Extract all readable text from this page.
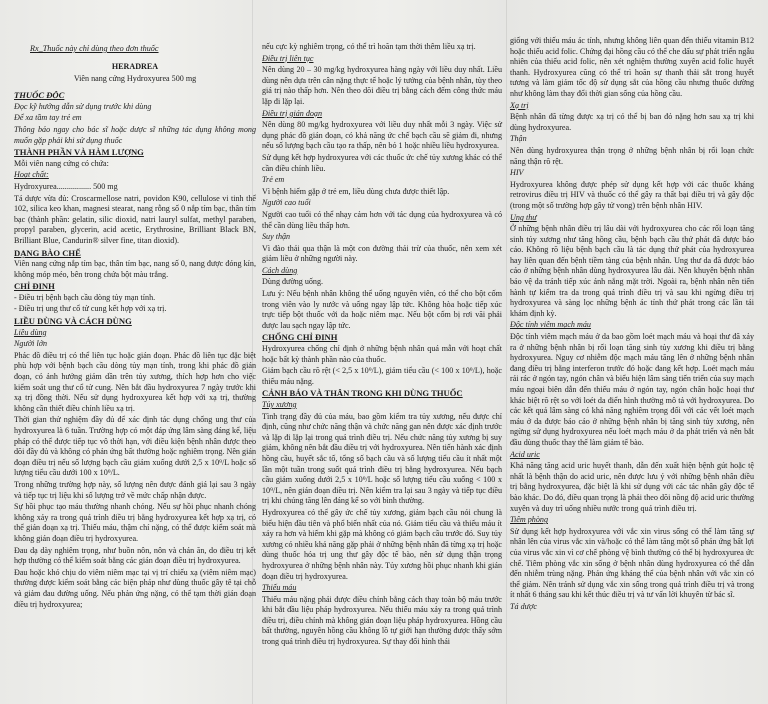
Rx_Thuốc này chỉ dùng theo đơn thuốc

HERADREA

Viên nang cứng Hydroxyurea 500 mg

THUỐC ĐỘC

Đọc kỹ hướng dẫn sử dụng trước khi dùng

Để xa tầm tay trẻ em

Thông báo ngay cho bác sĩ hoặc dược sĩ những tác dụng không mong muốn gặp phải khi sử dụng thuốc

THÀNH PHẦN VÀ HÀM LƯỢNG

Mỗi viên nang cứng có chứa:

Hoạt chất:

Hydroxyurea................. 500 mg

Tá dược vừa đủ: Croscarmellose natri, povidon K90, cellulose vi tinh thể 102, silica keo khan, magnesi stearat, nang rỗng số 0 nắp tím bạc, thân tím bạc (thành phần: gelatin, silic dioxid, natri lauryl sulfat, methyl paraben, propyl paraben, glycerin, acid acetic, Erythrosine, Brilliant Black BN, Brilliant Blue, Candurin® silver fine, titan dioxid).

DẠNG BÀO CHẾ

Viên nang cứng nắp tím bạc, thân tím bạc, nang số 0, nang được đóng kín, không móp méo, bên trong chứa bột màu trắng.

CHỈ ĐỊNH

- Điều trị bệnh bạch cầu dòng tủy mạn tính.

- Điều trị ung thư cổ tử cung kết hợp với xạ trị.

LIỀU DÙNG VÀ CÁCH DÙNG

Liều dùng

Người lớn

Phác đồ điều trị có thể liên tục hoặc gián đoạn. Phác đồ liên tục đặc biệt phù hợp với bệnh bạch cầu dòng tủy mạn tính, trong khi phác đồ gián đoạn, có ảnh hưởng giảm dần trên tủy xương, thích hợp hơn cho việc kiểm soát ung thư cổ tử cung. Nên bắt đầu hydroxyurea 7 ngày trước khi xạ trị đồng thời. Nếu sử dụng hydroxyurea kết hợp với xạ trị, thường không cần thiết điều chỉnh liều xạ trị.

Thời gian thử nghiệm đầy đủ để xác định tác dụng chống ung thư của hydroxyurea là 6 tuần. Trường hợp có một đáp ứng lâm sàng đáng kể, liệu pháp có thể được tiếp tục vô thời hạn, với điều kiện bệnh nhân được theo dõi đầy đủ và không có phản ứng bất thường hoặc nghiêm trọng. Nên gián đoạn điều trị nếu số lượng bạch cầu giảm xuống dưới 2,5 x 10⁹/L hoặc số lượng tiểu cầu dưới 100 x 10⁹/L.

Trong những trường hợp này, số lượng nên được đánh giá lại sau 3 ngày và tiếp tục trị liệu khi số lượng trở về mức chấp nhận được.

Sự hồi phục tạo máu thường nhanh chóng. Nếu sự hồi phục nhanh chóng không xảy ra trong quá trình điều trị bằng hydroxyurea kết hợp xạ trị, có thể gián đoạn xạ trị. Thiếu máu, thậm chí nặng, có thể được kiểm soát mà không gián đoạn điều trị hydroxyurea.

Đau dạ dày nghiêm trọng, như buồn nôn, nôn và chán ăn, do điều trị kết hợp thường có thể kiểm soát bằng các gián đoạn điều trị hydroxyurea.

Đau hoặc khó chịu do viêm niêm mạc tại vị trí chiếu xạ (viêm niêm mạc) thường được kiểm soát bằng các biện pháp như dùng thuốc gây tê tại chỗ và giảm đau đường uống. Nếu phản ứng nặng, có thể tạm thời gián đoạn điều trị hydroxyurea;

nếu cực kỳ nghiêm trọng, có thể trì hoãn tạm thời thêm liều xạ trị.

Điều trị liên tục

Nên dùng 20 – 30 mg/kg hydroxyurea hàng ngày với liều duy nhất. Liều dùng nên dựa trên cân nặng thực tế hoặc lý tưởng của bệnh nhân, tùy theo giá trị nào thấp hơn. Nên theo dõi điều trị bằng cách đếm công thức máu lặp đi lặp lại.

Điều trị gián đoạn

Nên dùng 80 mg/kg hydroxyurea với liều duy nhất mỗi 3 ngày. Việc sử dụng phác đồ gián đoạn, có khả năng ức chế bạch cầu sẽ giảm đi, nhưng nếu số lượng bạch cầu tạo ra thấp, nên bỏ 1 hoặc nhiều liều hydroxyurea.

Sử dụng kết hợp hydroxyurea với các thuốc ức chế tủy xương khác có thể cần điều chỉnh liều.

Trẻ em

Vì bệnh hiếm gặp ở trẻ em, liều dùng chưa được thiết lập.

Người cao tuổi

Người cao tuổi có thể nhạy cảm hơn với tác dụng của hydroxyurea và có thể cần dùng liều thấp hơn.

Suy thận

Vì đào thải qua thận là một con đường thải trừ của thuốc, nên xem xét giảm liều ở những người này.

Cách dùng

Dùng đường uống.

Lưu ý: Nếu bệnh nhân không thể uống nguyên viên, có thể cho bột cốm trong viên vào ly nước và uống ngay lập tức. Không hòa hoặc tiếp xúc trực tiếp bột thuốc với da hoặc niêm mạc. Nếu bột cốm bị rơi vãi phải được lau sạch ngay lập tức.

CHỐNG CHỈ ĐỊNH

Hydroxyurea chống chỉ định ở những bệnh nhân quá mẫn với hoạt chất hoặc bất kỳ thành phần nào của thuốc.

Giảm bạch cầu rõ rệt (< 2,5 x 10⁹/L), giảm tiểu cầu (< 100 x 10⁹/L), hoặc thiếu máu nặng.

CẢNH BÁO VÀ THẬN TRỌNG KHI DÙNG THUỐC

Tủy xương

Tình trạng đầy đủ của máu, bao gồm kiểm tra tủy xương, nếu được chỉ định, cũng như chức năng thận và chức năng gan nên được xác định trước và lặp đi lặp lại trong quá trình điều trị. Nếu chức năng tủy xương bị suy giảm, không nên bắt đầu điều trị với hydroxyurea. Nên tiến hành xác định hồng cầu, huyết sắc tố, tổng số bạch cầu và số lượng tiểu cầu ít nhất một lần một tuần trong suốt quá trình điều trị bằng hydroxyurea. Nếu bạch cầu giảm xuống dưới 2,5 x 10⁹/L hoặc số lượng tiểu cầu xuống < 100 x 10⁹/L, nên gián đoạn điều trị. Nên kiểm tra lại sau 3 ngày và tiếp tục điều trị khi chúng tăng lên đáng kể so với bình thường.

Hydroxyurea có thể gây ức chế tủy xương, giảm bạch cầu nói chung là biểu hiện đầu tiên và phổ biến nhất của nó. Giảm tiểu cầu và thiếu máu ít xảy ra hơn và hiếm khi gặp mà không có giảm bạch cầu trước đó. Suy tủy xương có nhiều khả năng gặp phải ở những bệnh nhân đã từng xạ trị hoặc dùng thuốc hóa trị ung thư gây độc tế bào, nên sử dụng thận trọng hydroxyurea ở những bệnh nhân này. Tủy xương hồi phục nhanh khi gián đoạn điều trị hydroxyurea.

Thiếu máu

Thiếu máu nặng phải được điều chỉnh bằng cách thay toàn bộ máu trước khi bắt đầu liệu pháp hydroxyurea. Nếu thiếu máu xảy ra trong quá trình điều trị, điều chỉnh mà không gián đoạn liệu pháp hydroxyurea. Hồng cầu bất thường, nguyên hồng cầu không lồ tự giới hạn thường được thấy sớm trong quá trình điều trị hydroxyurea. Sự thay đổi hình thái

giống với thiếu máu ác tính, nhưng không liên quan đến thiếu vitamin B12 hoặc thiếu acid folic. Chứng đại hồng cầu có thể che dấu sự phát triển ngẫu nhiên của thiếu acid folic, nên xét nghiệm thường xuyên acid folic huyết thanh. Hydroxyurea cũng có thể trì hoãn sự thanh thải sắt trong huyết tương và làm giảm tốc độ sử dụng sắt của hồng cầu nhưng thuốc dường như không làm thay đổi thời gian sống của hồng cầu.

Xạ trị

Bệnh nhân đã từng được xạ trị có thể bị ban đỏ nặng hơn sau xạ trị khi dùng hydroxyurea.

Thận

Nên dùng hydroxyurea thận trọng ở những bệnh nhân bị rối loạn chức năng thận rõ rệt.

HIV

Hydroxyurea không được phép sử dụng kết hợp với các thuốc kháng retrovirus điều trị HIV và thuốc có thể gây ra thất bại điều trị và gây độc (trong một số trường hợp gây tử vong) trên bệnh nhân HIV.

Ung thư

Ở những bệnh nhân điều trị lâu dài với hydroxyurea cho các rối loạn tăng sinh tủy xương như tăng hồng cầu, bệnh bạch cầu thứ phát đã được báo cáo. Không rõ liệu bệnh bạch cầu là tác dụng thứ phát của hydroxyurea hay liên quan đến bệnh tiềm tàng của bệnh nhân. Ung thư da đã được báo cáo ở những bệnh nhân dùng hydroxyurea lâu dài. Nên khuyên bệnh nhân bảo vệ da tránh tiếp xúc ánh nắng mặt trời. Ngoài ra, bệnh nhân nên tiến hành tự kiểm tra da trong quá trình điều trị và sau khi ngừng điều trị hydroxyurea và sàng lọc những bệnh ác tính thứ phát trong các lần tái khám định kỳ.

Độc tính viêm mạch máu

Độc tính viêm mạch máu ở da bao gồm loét mạch máu và hoại thư đã xảy ra ở những bệnh nhân bị rối loạn tăng sinh tủy xương khi điều trị bằng hydroxyurea. Nguy cơ nhiễm độc mạch máu tăng lên ở những bệnh nhân đang điều trị bằng interferon trước đó hoặc đang kết hợp. Loét mạch máu rải rác ở ngón tay, ngón chân và biểu hiện lâm sàng tiến triển của suy mạch máu ngoại biên dẫn đến thiếu máu ở ngón tay, ngón chân hoặc hoại thư khác biệt rõ rệt so với loét da điển hình thường mô tả với hydroxyurea. Do các kết quả lâm sàng có khả năng nghiêm trọng đối với các vết loét mạch máu ở da được báo cáo ở những bệnh nhân bị tăng sinh tủy xương, nên ngừng sử dụng hydroxyurea nếu loét mạch máu ở da phát triển và nên bắt đầu dùng thuốc thay thế làm giảm tế bào.

Acid uric

Khả năng tăng acid uric huyết thanh, dẫn đến xuất hiện bệnh gút hoặc tệ nhất là bệnh thận do acid uric, nên được lưu ý với những bệnh nhân điều trị bằng hydroxyurea, đặc biệt là khi sử dụng với các tác nhân gây độc tế bào khác. Do đó, điều quan trọng là phải theo dõi nồng độ acid uric thường xuyên và duy trì uống nhiều nước trong quá trình điều trị.

Tiêm phòng

Sử dụng kết hợp hydroxyurea với vắc xin virus sống có thể làm tăng sự nhân lên của virus vắc xin và/hoặc có thể làm tăng một số phản ứng bất lợi của virus vắc xin vì cơ chế phòng vệ bình thường có thể bị hydroxyurea ức chế. Tiêm phòng vắc xin sống ở bệnh nhân dùng hydroxyurea có thể dẫn đến nhiễm trùng nặng. Phản ứng kháng thể của bệnh nhân với vắc xin có thể giảm. Nên tránh sử dụng vắc xin sống trong quá trình điều trị và trong ít nhất 6 tháng sau khi kết thúc điều trị và tư vấn lời khuyên từ bác sĩ.

Tá dược
